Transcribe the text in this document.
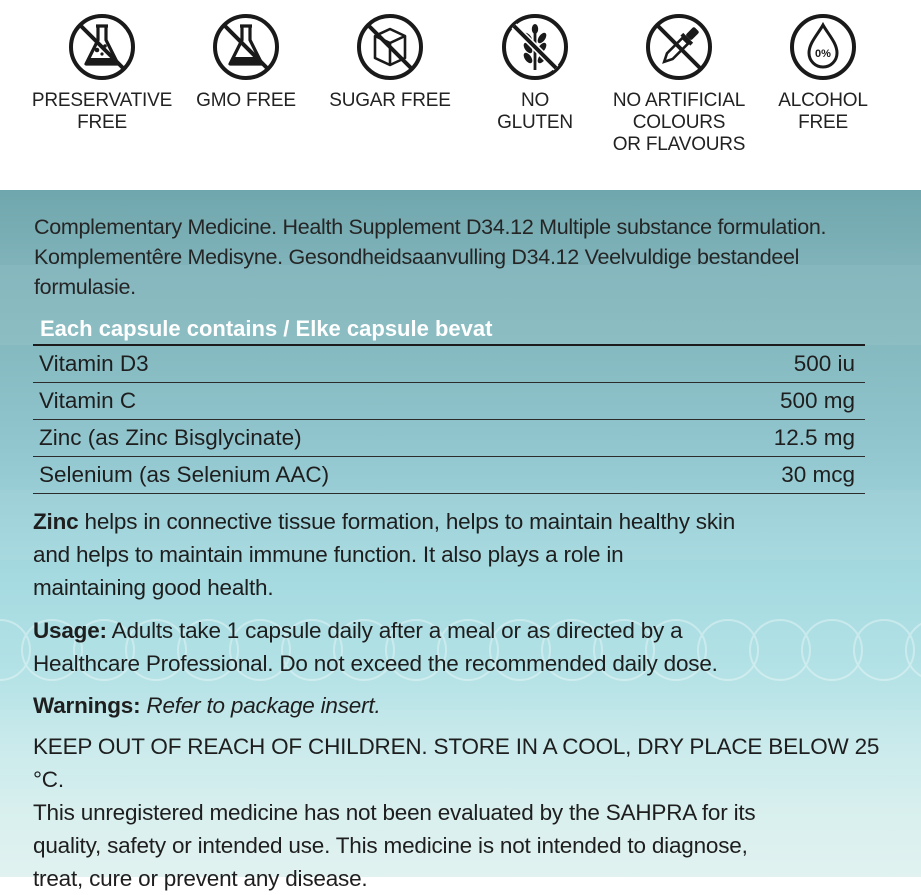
PRESERVATIVE
FREE
GMO FREE	SUGAR FREE	NO
GLUTEN
NO ARTIFICIAL
COLOURS
OR FLAVOURS
0%
ALCOHOL
FREE
Complementary Medicine. Health Supplement D34.12 Multiple substance formulation.
Komplementêre Medisyne. Gesondheidsaanvulling D34.12 Veelvuldige bestandeel
formulasie.
Each capsule contains / Elke capsule bevat
Vitamin D3	500 iu
Vitamin C	500 mg
Zinc (as Zinc Bisglycinate)	12.5 mg
Selenium (as Selenium AAC)	30 mcg
Zinc helps in connective tissue formation, helps to maintain healthy skin
and helps to maintain immune function. It also plays a role in
maintaining good health.
Usage: Adults take 1 capsule daily after a meal or as directed by a
Healthcare Professional. Do not exceed the recommended daily dose.
Warnings: Refer to package insert.
KEEP OUT OF REACH OF CHILDREN. STORE IN A COOL, DRY PLACE BELOW 25 °C.
This unregistered medicine has not been evaluated by the SAHPRA for its
quality, safety or intended use. This medicine is not intended to diagnose,
treat, cure or prevent any disease.
